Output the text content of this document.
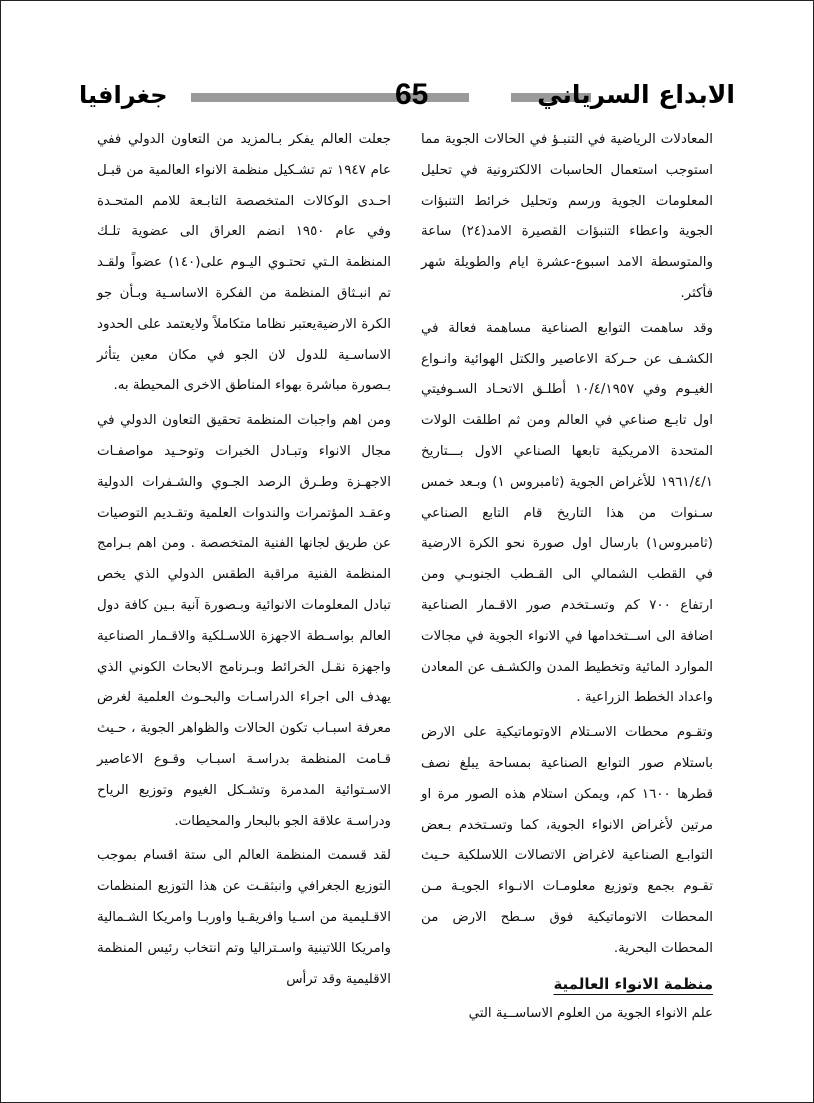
جغرافيا	65	الابداع السرياني

المعادلات الرياضية في التنبـؤ في الحالات الجوية مما استوجب استعمال الحاسبات الالكترونية في تحليل المعلومات الجوية ورسم وتحليل خرائط التنبؤات الجوية واعطاء التنبؤات القصيرة الامد(٢٤) ساعة والمتوسطة الامد اسبوع-عشرة ايام والطويلة شهر فأكثر.

وقد ساهمت التوابع الصناعية مساهمة فعالة في الكشـف عن حـركة الاعاصير والكتل الهوائية وانـواع الغيـوم وفي ١٠/٤/١٩٥٧ أطلـق الاتحـاد السـوفيتي اول تابـع صناعي في العالم ومن ثم اطلقت الولات المتحدة الامريكية تابعها الصناعي الاول بـــتاريخ ١٩٦١/٤/١ للأغراض الجوية (ثامبروس ١) وبـعد خمس سـنوات من هذا التاريخ قام التابع الصناعي (ثامبروس١) بارسال اول صورة نحو الكرة الارضية في القطب الشمالي الى القـطب الجنوبـي ومن ارتفاع ٧٠٠ كم وتسـتخدم صور الاقـمار الصناعية اضافة الى اســتخدامها في الانواء الجوية في مجالات الموارد المائية وتخطيط المدن والكشـف عن المعادن واعداد الخطط الزراعية .

وتقـوم محطات الاسـتلام الاوتوماتيكية على الارض باستلام صور التوابع الصناعية بمساحة يبلغ نصف قطرها ١٦٠٠ كم، ويمكن استلام هذه الصور مرة او مرتين لأغراض الانواء الجوية، كما وتسـتخدم بـعض التوابـع الصناعية لاغراض الاتصالات اللاسلكية حـيث تقـوم بجمع وتوزيع معلومـات الانـواء الجويـة مـن المحطات الاتوماتيكية فوق سـطح الارض من المحطات البحرية.

منظمة الانواء العالمية

علم الانواء الجوية من العلوم الاساســية التي

جعلت العالم يفكر بـالمزيد من التعاون الدولي ففي عام ١٩٤٧ تم تشـكيل منظمة الانواء العالمية من قبـل احـدى الوكالات المتخصصة التابـعة للامم المتحـدة وفي عام ١٩٥٠ انضم العراق الى عضوية تلـك المنظمة الـتي تحتـوي اليـوم على(١٤٠) عضواً ولقـد تم انبـثاق المنظمة من الفكرة الاساسـية وبـأن جو الكرة الارضيةيعتبر نظاما متكاملاً ولايعتمد على الحدود الاساسـية للدول لان الجو في مكان معين يتأثر بـصورة مباشرة بهواء المناطق الاخرى المحيطة به.

ومن اهم واجبات المنظمة تحقيق التعاون الدولي في مجال الانواء وتبـادل الخبرات وتوحـيد مواصفـات الاجهـزة وطـرق الرصد الجـوي والشـفرات الدولية وعقـد المؤتمرات والندوات العلمية وتقـديم التوصيات عن طريق لجانها الفنية المتخصصة . ومن اهم بـرامج المنظمة الفنية مراقبة الطقس الدولي الذي يخص تبادل المعلومات الانوائية وبـصورة آنية بـين كافة دول العالم بواسـطة الاجهزة اللاسـلكية والاقـمار الصناعية واجهزة نقـل الخرائط وبـرنامج الابحاث الكوني الذي يهدف الى اجراء الدراسـات والبحـوث العلمية لغرض معرفة اسبـاب تكون الحالات والظواهر الجوية ، حـيث قـامت المنظمة بدراسـة اسبـاب وقـوع الاعاصير الاسـتوائية المدمرة وتشـكل الغيوم وتوزيع الرياح ودراسـة علاقة الجو بالبحار والمحيطات.

لقد قسمت المنظمة العالم الى ستة اقسام بموجب التوزيع الجغرافي وانبثقـت عن هذا التوزيع المنظمات الاقـليمية من اسـيا وافريقـيا واوربـا وامريكا الشـمالية وامريكا اللاتينية واسـتراليا وتم انتخاب رئيس المنظمة الاقليمية وقد ترأس
